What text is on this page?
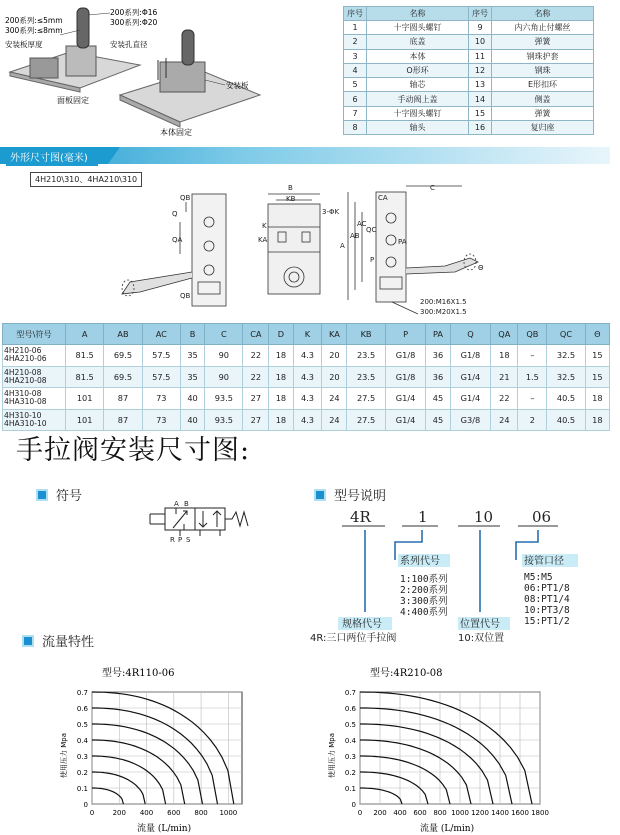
200系列:≤5mm
300系列:≤8mm
安装板厚度
200系列:Φ16
300系列:Φ20
安装孔直径
安装板
面板固定
本体固定
序号	名称	序号	名称
1	十字圆头螺钉	9	内六角止付螺丝
2	底盖	10	弹簧
3	本体	11	钢珠护套
4	O形环	12	钢珠
5	轴芯	13	E形扣环
6	手动阀上盖	14	侧盖
7	十字圆头螺钉	15	弹簧
8	轴头	16	复归座
外形尺寸图(毫米)
4H210\310、4HA210\310
QB
Q
QA
QB
B
KB
KA
K
3-ΦK
CA
C
A
AB
AC
QC
P
PA
Θ
200:M16X1.5
300:M20X1.5
型号\符号	A	AB	AC	B	C	CA	D	K	KA	KB	P	PA	Q	QA	QB	QC	Θ

4H210-06
4HA210-06	81.5	69.5	57.5	35	90	22	18	4.3	20	23.5	G1/8	36	G1/8	18	–	32.5	15

4H210-08
4HA210-08	81.5	69.5	57.5	35	90	22	18	4.3	20	23.5	G1/8	36	G1/4	21	1.5	32.5	15

4H310-08
4HA310-08	101	87	73	40	93.5	27	18	4.3	24	27.5	G1/4	45	G1/4	22	–	40.5	18

4H310-10
4HA310-10	101	87	73	40	93.5	27	18	4.3	24	27.5	G1/4	45	G3/8	24	2	40.5	18
手拉阀安装尺寸图:
符号	A B
R P S
型号说明
4R	1	10	06
系列代号
1:100系列
2:200系列
3:300系列
4:400系列
规格代号
4R:三口两位手拉阀
位置代号
10:双位置
接管口径
M5:M5
06:PT1/8
08:PT1/4
10:PT3/8
15:PT1/2
流量特性
型号:4R110-06
0
0.1
0.2
0.3
0.4
0.5
0.6
0.7
0	200 400 600 800 1000
流量 (L/min)
使用压力 Mpa
型号:4R210-08
0
0.1
0.2
0.3
0.4
0.5
0.6
0.7
0 200 400 600 800 1000 1200 1400 1600 1800
流量 (L/min)
使用压力 Mpa
